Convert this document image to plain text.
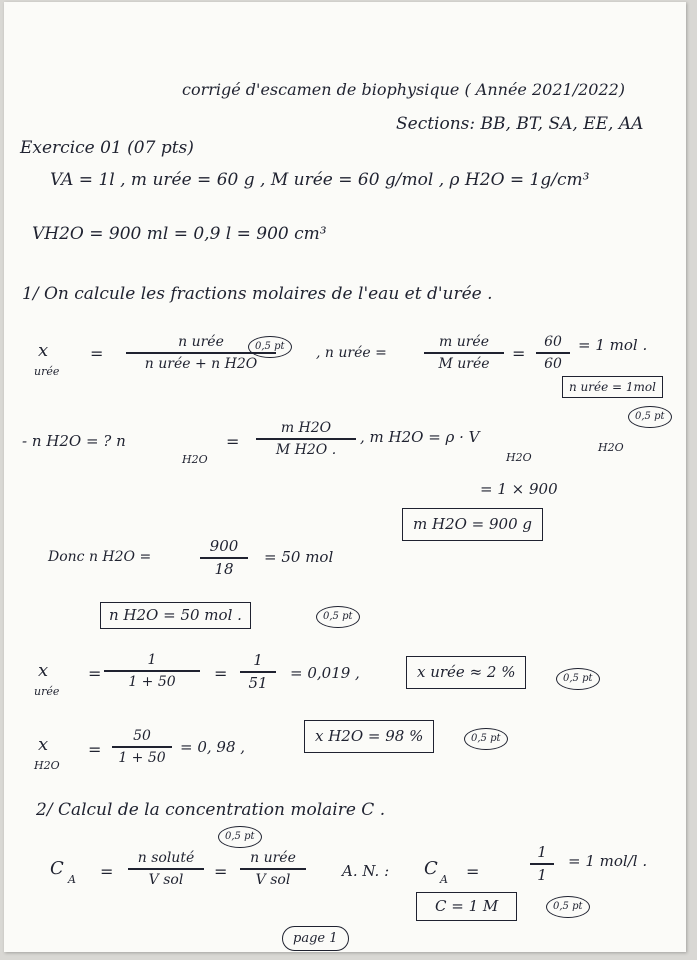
corrigé d'escamen de biophysique ( Année 2021/2022)
Sections: BB, BT, SA, EE, AA
Exercice 01 (07 pts)
VA = 1l , m urée = 60 g , M urée = 60 g/mol , ρ H2O = 1g/cm³
VH2O = 900 ml = 0,9 l = 900 cm³
1/ On calcule les fractions molaires de l'eau et d'urée .
x
urée
=
n urée
n urée + n H2O
0,5 pt	, n urée =
m urée
M urée
=
60
60
= 1 mol .
n urée = 1mol
0,5 pt
- n H2O = ? n
H2O
=
m H2O
M H2O .
, m H2O = ρ · V
H2O
H2O
= 1 × 900
m H2O = 900 g
Donc n H2O =
900
18
= 50 mol
n H2O = 50 mol .	0,5 pt
x
urée
=
1
1 + 50 =
1
51
= 0,019 ,	x urée ≈ 2 %	0,5 pt
x
H2O
=
50
1 + 50
= 0, 98 ,
x H2O = 98 %	0,5 pt
2/ Calcul de la concentration molaire C .
C
A =
n soluté
V sol =
n urée
V sol
0,5 pt
A. N. : C
A =
1
1
= 1 mol/l .
C = 1 M	0,5 pt
page 1
